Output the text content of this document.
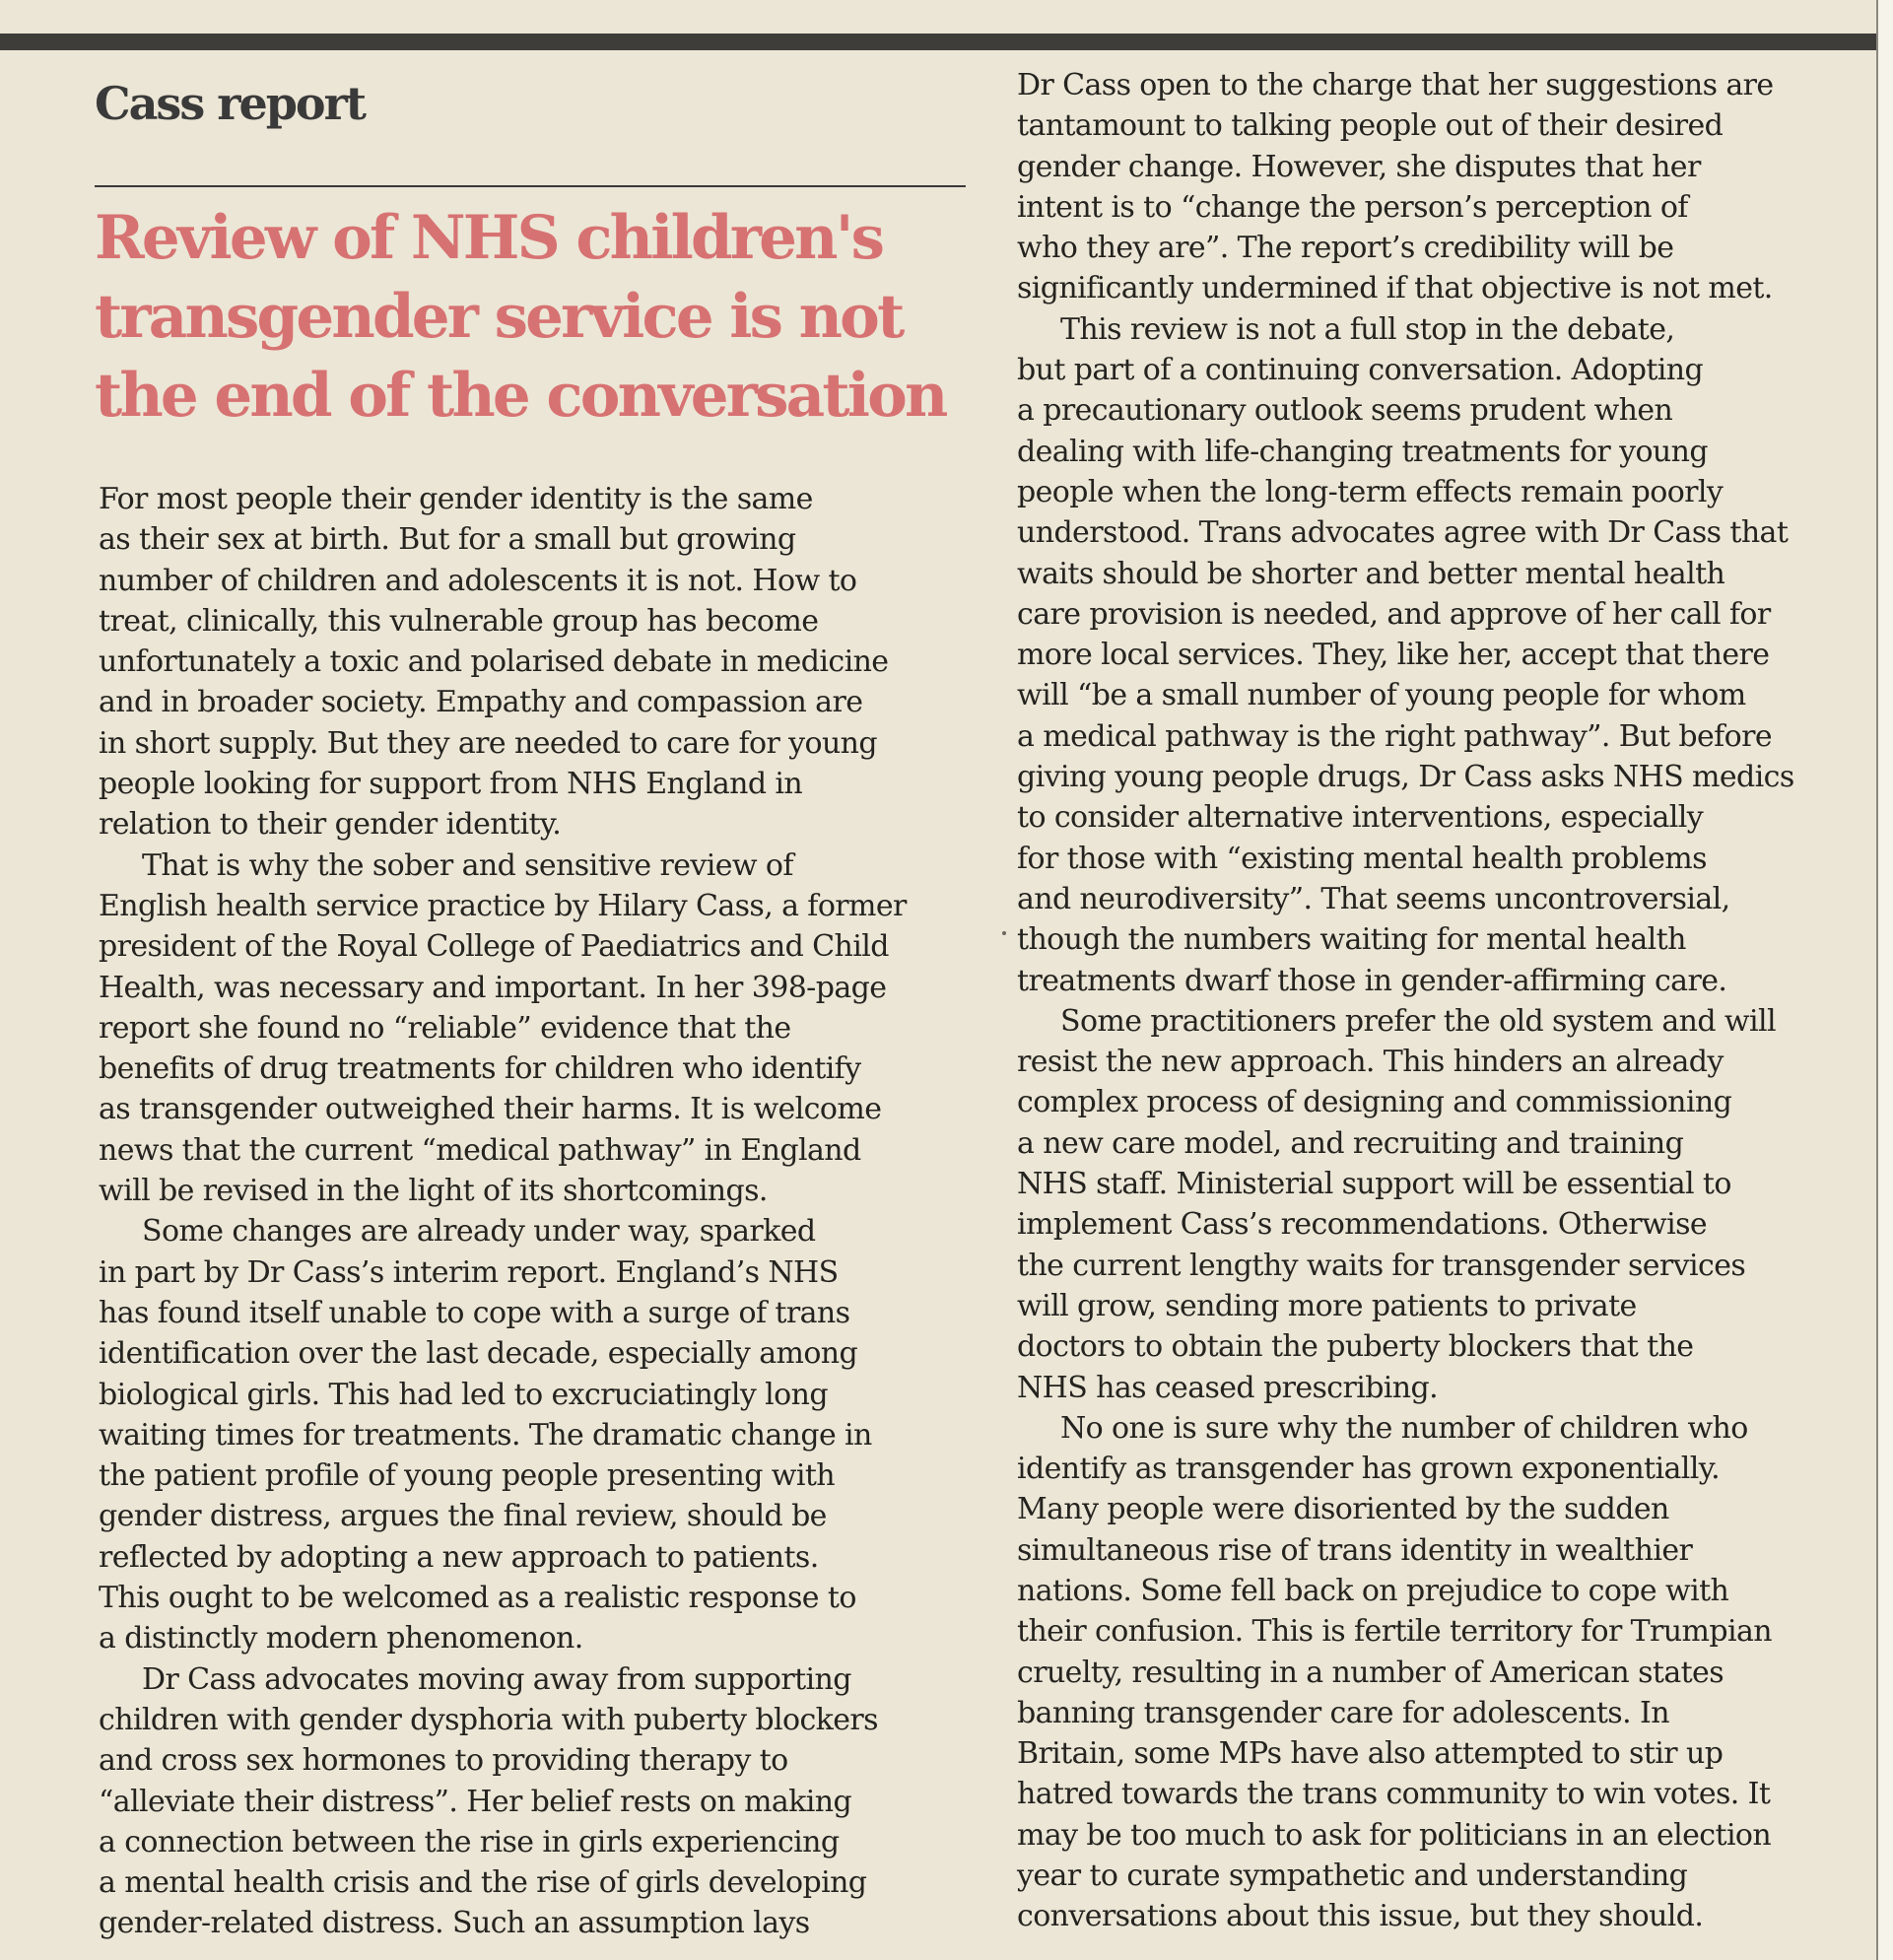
Cass report
Review of NHS children's transgender service is not the end of the conversation
For most people their gender identity is the same
as their sex at birth. But for a small but growing
number of children and adolescents it is not. How to
treat, clinically, this vulnerable group has become
unfortunately a toxic and polarised debate in medicine
and in broader society. Empathy and compassion are
in short supply. But they are needed to care for young
people looking for support from NHS England in
relation to their gender identity.
That is why the sober and sensitive review of
English health service practice by Hilary Cass, a former
president of the Royal College of Paediatrics and Child
Health, was necessary and important. In her 398-page
report she found no “reliable” evidence that the
benefits of drug treatments for children who identify
as transgender outweighed their harms. It is welcome
news that the current “medical pathway” in England
will be revised in the light of its shortcomings.
Some changes are already under way, sparked
in part by Dr Cass’s interim report. England’s NHS
has found itself unable to cope with a surge of trans
identification over the last decade, especially among
biological girls. This had led to excruciatingly long
waiting times for treatments. The dramatic change in
the patient profile of young people presenting with
gender distress, argues the final review, should be
reflected by adopting a new approach to patients.
This ought to be welcomed as a realistic response to
a distinctly modern phenomenon.
Dr Cass advocates moving away from supporting
children with gender dysphoria with puberty blockers
and cross sex hormones to providing therapy to
“alleviate their distress”. Her belief rests on making
a connection between the rise in girls experiencing
a mental health crisis and the rise of girls developing
gender-related distress. Such an assumption lays
Dr Cass open to the charge that her suggestions are
tantamount to talking people out of their desired
gender change. However, she disputes that her
intent is to “change the person’s perception of
who they are”. The report’s credibility will be
significantly undermined if that objective is not met.
This review is not a full stop in the debate,
but part of a continuing conversation. Adopting
a precautionary outlook seems prudent when
dealing with life-changing treatments for young
people when the long-term effects remain poorly
understood. Trans advocates agree with Dr Cass that
waits should be shorter and better mental health
care provision is needed, and approve of her call for
more local services. They, like her, accept that there
will “be a small number of young people for whom
a medical pathway is the right pathway”. But before
giving young people drugs, Dr Cass asks NHS medics
to consider alternative interventions, especially
for those with “existing mental health problems
and neurodiversity”. That seems uncontroversial,
though the numbers waiting for mental health
treatments dwarf those in gender-affirming care.
Some practitioners prefer the old system and will
resist the new approach. This hinders an already
complex process of designing and commissioning
a new care model, and recruiting and training
NHS staff. Ministerial support will be essential to
implement Cass’s recommendations. Otherwise
the current lengthy waits for transgender services
will grow, sending more patients to private
doctors to obtain the puberty blockers that the
NHS has ceased prescribing.
No one is sure why the number of children who
identify as transgender has grown exponentially.
Many people were disoriented by the sudden
simultaneous rise of trans identity in wealthier
nations. Some fell back on prejudice to cope with
their confusion. This is fertile territory for Trumpian
cruelty, resulting in a number of American states
banning transgender care for adolescents. In
Britain, some MPs have also attempted to stir up
hatred towards the trans community to win votes. It
may be too much to ask for politicians in an election
year to curate sympathetic and understanding
conversations about this issue, but they should.
